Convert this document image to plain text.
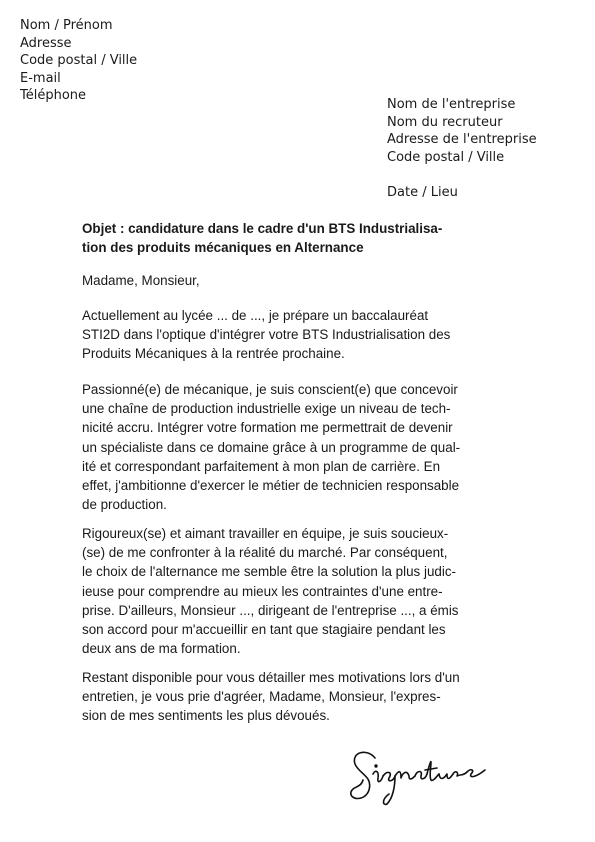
Nom / Prénom
Adresse
Code postal / Ville
E-mail
Téléphone
Nom de l'entreprise
Nom du recruteur
Adresse de l'entreprise
Code postal / Ville
Date / Lieu
Objet : candidature dans le cadre d'un BTS Industrialisa-
tion des produits mécaniques en Alternance
Madame, Monsieur,
Actuellement au lycée ... de ..., je prépare un baccalauréat
STI2D dans l'optique d'intégrer votre BTS Industrialisation des
Produits Mécaniques à la rentrée prochaine.
Passionné(e) de mécanique, je suis conscient(e) que concevoir
une chaîne de production industrielle exige un niveau de tech-
nicité accru. Intégrer votre formation me permettrait de devenir
un spécialiste dans ce domaine grâce à un programme de qual-
ité et correspondant parfaitement à mon plan de carrière. En
effet, j'ambitionne d'exercer le métier de technicien responsable
de production.
Rigoureux(se) et aimant travailler en équipe, je suis soucieux-
(se) de me confronter à la réalité du marché. Par conséquent,
le choix de l'alternance me semble être la solution la plus judic-
ieuse pour comprendre au mieux les contraintes d'une entre-
prise. D'ailleurs, Monsieur ..., dirigeant de l'entreprise ..., a émis
son accord pour m'accueillir en tant que stagiaire pendant les
deux ans de ma formation.
Restant disponible pour vous détailler mes motivations lors d'un
entretien, je vous prie d'agréer, Madame, Monsieur, l'expres-
sion de mes sentiments les plus dévoués.
